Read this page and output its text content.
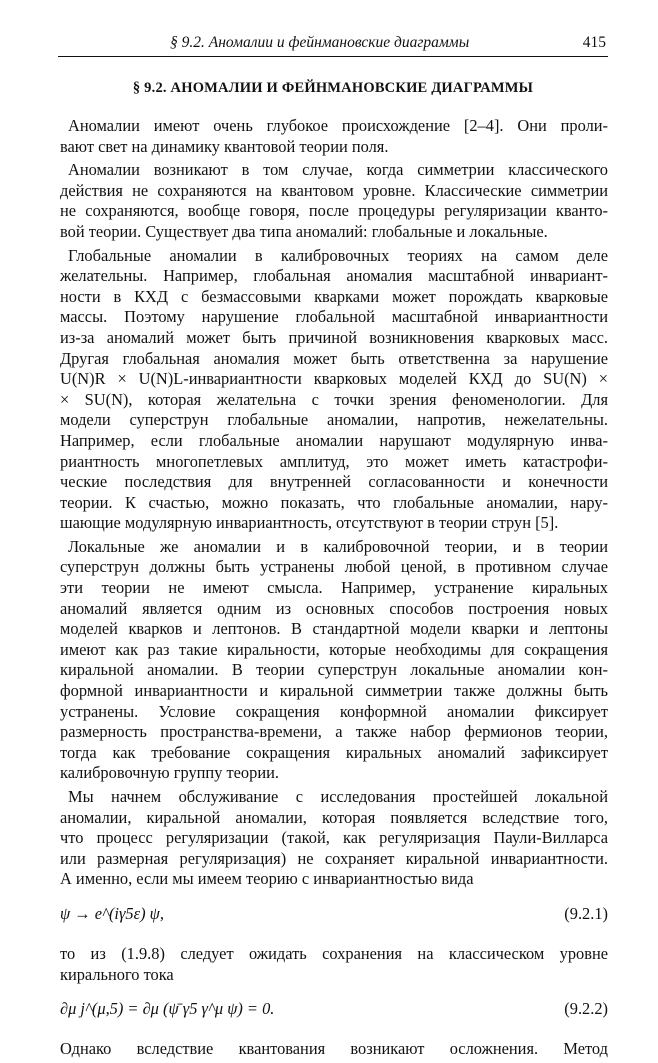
§ 9.2. Аномалии и фейнмановские диаграммы	415
§ 9.2. АНОМАЛИИ И ФЕЙНМАНОВСКИЕ ДИАГРАММЫ
Аномалии имеют очень глубокое происхождение [2–4]. Они проли-
вают свет на динамику квантовой теории поля.
Аномалии возникают в том случае, когда симметрии классического
действия не сохраняются на квантовом уровне. Классические симметрии
не сохраняются, вообще говоря, после процедуры регуляризации кванто-
вой теории. Существует два типа аномалий: глобальные и локальные.
Глобальные аномалии в калибровочных теориях на самом деле
желательны. Например, глобальная аномалия масштабной инвариант-
ности в КХД с безмассовыми кварками может порождать кварковые
массы. Поэтому нарушение глобальной масштабной инвариантности
из-за аномалий может быть причиной возникновения кварковых масс.
Другая глобальная аномалия может быть ответственна за нарушение
U(N)R × U(N)L-инвариантности кварковых моделей КХД до SU(N) ×
× SU(N), которая желательна с точки зрения феноменологии. Для
модели суперструн глобальные аномалии, напротив, нежелательны.
Например, если глобальные аномалии нарушают модулярную инва-
риантность многопетлевых амплитуд, это может иметь катастрофи-
ческие последствия для внутренней согласованности и конечности
теории. К счастью, можно показать, что глобальные аномалии, нару-
шающие модулярную инвариантность, отсутствуют в теории струн [5].
Локальные же аномалии и в калибровочной теории, и в теории
суперструн должны быть устранены любой ценой, в противном случае
эти теории не имеют смысла. Например, устранение киральных
аномалий является одним из основных способов построения новых
моделей кварков и лептонов. В стандартной модели кварки и лептоны
имеют как раз такие киральности, которые необходимы для сокращения
киральной аномалии. В теории суперструн локальные аномалии кон-
формной инвариантности и киральной симметрии также должны быть
устранены. Условие сокращения конформной аномалии фиксирует
размерность пространства-времени, а также набор фермионов теории,
тогда как требование сокращения киральных аномалий зафиксирует
калибровочную группу теории.
Мы начнем обслуживание с исследования простейшей локальной
аномалии, киральной аномалии, которая появляется вследствие того,
что процесс регуляризации (такой, как регуляризация Паули-Вилларса
или размерная регуляризация) не сохраняет киральной инвариантности.
А именно, если мы имеем теорию с инвариантностью вида
ψ → e^(iγ5ε) ψ,	(9.2.1)
то из (1.9.8) следует ожидать сохранения на классическом уровне
кирального тока
∂μ j^(μ,5) = ∂μ (ψ̄ γ5 γ^μ ψ) = 0.	(9.2.2)
Однако вследствие квантования возникают осложнения. Метод
